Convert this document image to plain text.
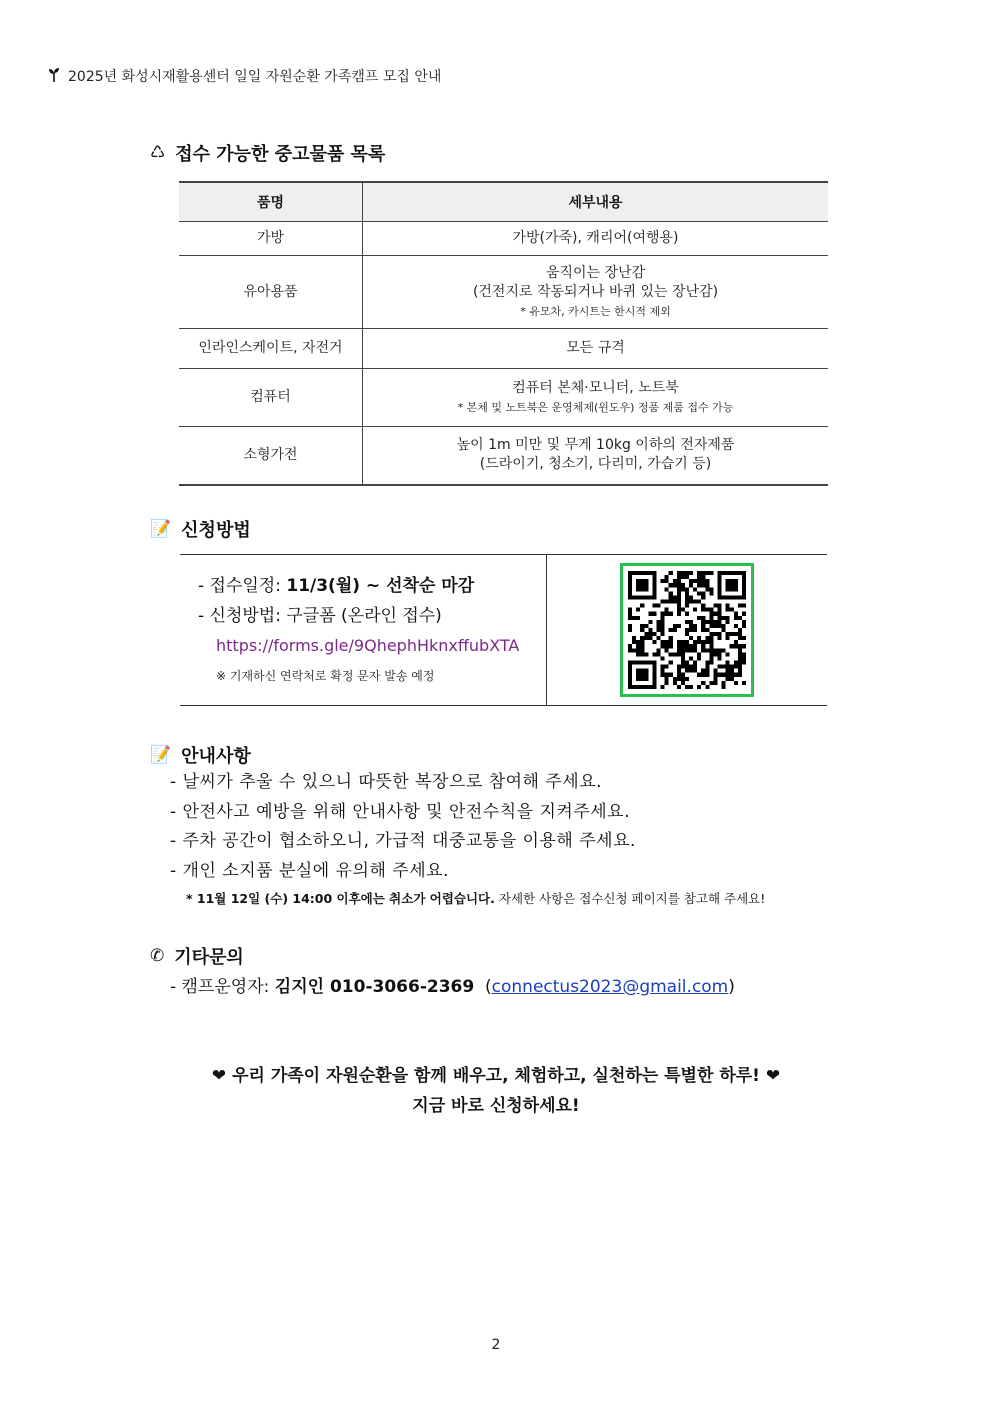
2025년 화성시재활용센터 일일 자원순환 가족캠프 모집 안내
♺ 접수 가능한 중고물품 목록
품명	세부내용
가방	가방(가죽), 캐리어(여행용)

유아용품	움직이는 장난감
(건전지로 작동되거나 바퀴 있는 장난감)
* 유모차, 카시트는 한시적 제외

인라인스케이트, 자전거	모든 규격

컴퓨터	컴퓨터 본체·모니터, 노트북
* 본체 및 노트북은 운영체제(윈도우) 정품 제품 접수 가능

소형가전	높이 1m 미만 및 무게 10kg 이하의 전자제품
(드라이기, 청소기, 다리미, 가습기 등)
📝 신청방법
- 접수일정: 11/3(월) ~ 선착순 마감
- 신청방법: 구글폼 (온라인 접수)
https://forms.gle/9QhephHknxffubXTA
※ 기재하신 연락처로 확정 문자 발송 예정
📝 안내사항
- 날씨가 추울 수 있으니 따뜻한 복장으로 참여해 주세요.
- 안전사고 예방을 위해 안내사항 및 안전수칙을 지켜주세요.
- 주차 공간이 협소하오니, 가급적 대중교통을 이용해 주세요.
- 개인 소지품 분실에 유의해 주세요.
* 11월 12일 (수) 14:00 이후에는 취소가 어렵습니다. 자세한 사항은 접수신청 페이지를 참고해 주세요!
✆ 기타문의
- 캠프운영자: 김지인 010-3066-2369  (connectus2023@gmail.com)
❤ 우리 가족이 자원순환을 함께 배우고, 체험하고, 실천하는 특별한 하루! ❤
지금 바로 신청하세요!
2
